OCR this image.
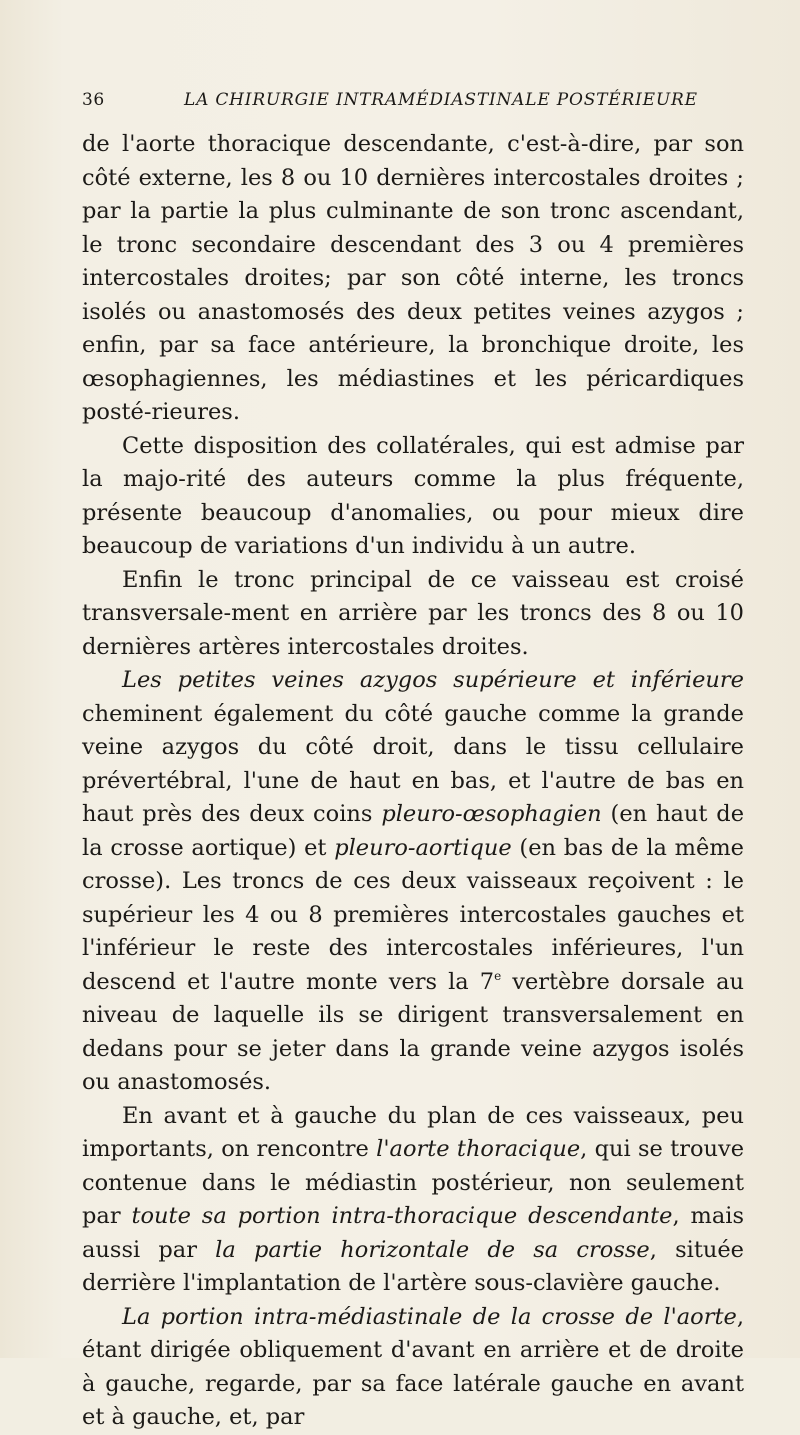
36	LA CHIRURGIE INTRAMÉDIASTINALE POSTÉRIEURE

de l'aorte thoracique descendante, c'est-à-dire, par son côté externe, les 8 ou 10 dernières intercostales droites ; par la partie la plus culminante de son tronc ascendant, le tronc secondaire descendant des 3 ou 4 premières intercostales droites; par son côté interne, les troncs isolés ou anastomosés des deux petites veines azygos ; enfin, par sa face antérieure, la bronchique droite, les œsophagiennes, les médiastines et les péricardiques posté-rieures.

Cette disposition des collatérales, qui est admise par la majo-rité des auteurs comme la plus fréquente, présente beaucoup d'anomalies, ou pour mieux dire beaucoup de variations d'un individu à un autre.

Enfin le tronc principal de ce vaisseau est croisé transversale-ment en arrière par les troncs des 8 ou 10 dernières artères intercostales droites.

Les petites veines azygos supérieure et inférieure cheminent également du côté gauche comme la grande veine azygos du côté droit, dans le tissu cellulaire prévertébral, l'une de haut en bas, et l'autre de bas en haut près des deux coins pleuro-œsophagien (en haut de la crosse aortique) et pleuro-aortique (en bas de la même crosse). Les troncs de ces deux vaisseaux reçoivent : le supérieur les 4 ou 8 premières intercostales gauches et l'inférieur le reste des intercostales inférieures, l'un descend et l'autre monte vers la 7e vertèbre dorsale au niveau de laquelle ils se dirigent transversalement en dedans pour se jeter dans la grande veine azygos isolés ou anastomosés.

En avant et à gauche du plan de ces vaisseaux, peu importants, on rencontre l'aorte thoracique, qui se trouve contenue dans le médiastin postérieur, non seulement par toute sa portion intra-thoracique descendante, mais aussi par la partie horizontale de sa crosse, située derrière l'implantation de l'artère sous-clavière gauche.

La portion intra-médiastinale de la crosse de l'aorte, étant dirigée obliquement d'avant en arrière et de droite à gauche, regarde, par sa face latérale gauche en avant et à gauche, et, par
